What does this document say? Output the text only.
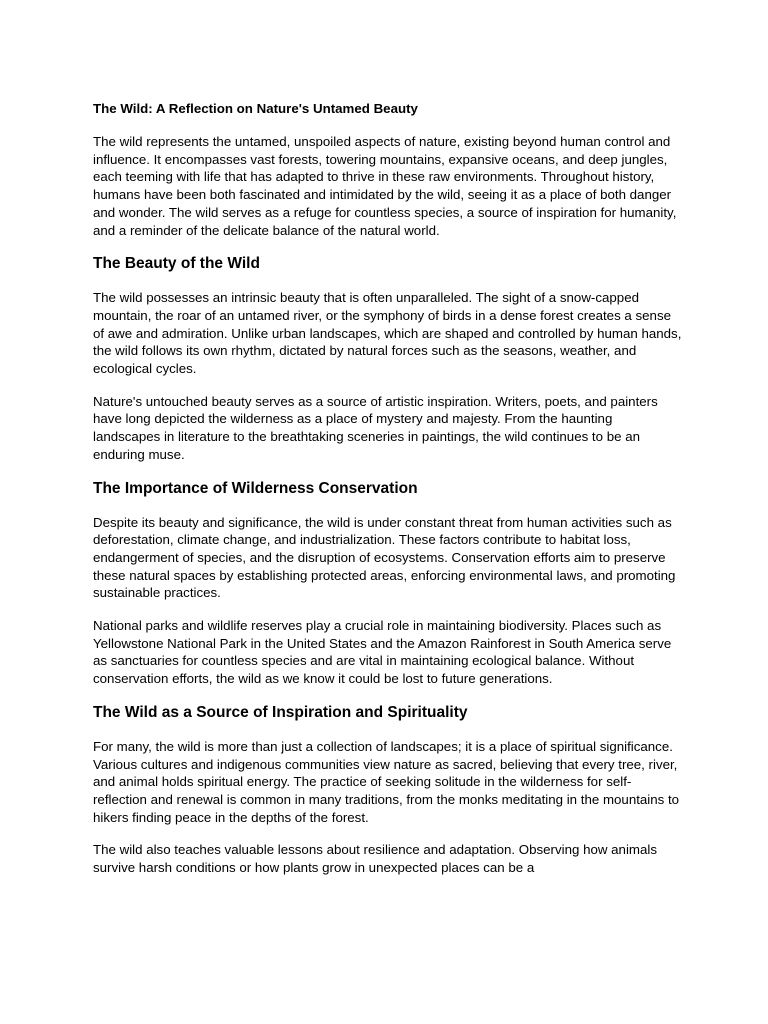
The Wild: A Reflection on Nature's Untamed Beauty

The wild represents the untamed, unspoiled aspects of nature, existing beyond human control and influence. It encompasses vast forests, towering mountains, expansive oceans, and deep jungles, each teeming with life that has adapted to thrive in these raw environments. Throughout history, humans have been both fascinated and intimidated by the wild, seeing it as a place of both danger and wonder. The wild serves as a refuge for countless species, a source of inspiration for humanity, and a reminder of the delicate balance of the natural world.

The Beauty of the Wild

The wild possesses an intrinsic beauty that is often unparalleled. The sight of a snow-capped mountain, the roar of an untamed river, or the symphony of birds in a dense forest creates a sense of awe and admiration. Unlike urban landscapes, which are shaped and controlled by human hands, the wild follows its own rhythm, dictated by natural forces such as the seasons, weather, and ecological cycles.

Nature's untouched beauty serves as a source of artistic inspiration. Writers, poets, and painters have long depicted the wilderness as a place of mystery and majesty. From the haunting landscapes in literature to the breathtaking sceneries in paintings, the wild continues to be an enduring muse.

The Importance of Wilderness Conservation

Despite its beauty and significance, the wild is under constant threat from human activities such as deforestation, climate change, and industrialization. These factors contribute to habitat loss, endangerment of species, and the disruption of ecosystems. Conservation efforts aim to preserve these natural spaces by establishing protected areas, enforcing environmental laws, and promoting sustainable practices.

National parks and wildlife reserves play a crucial role in maintaining biodiversity. Places such as Yellowstone National Park in the United States and the Amazon Rainforest in South America serve as sanctuaries for countless species and are vital in maintaining ecological balance. Without conservation efforts, the wild as we know it could be lost to future generations.

The Wild as a Source of Inspiration and Spirituality

For many, the wild is more than just a collection of landscapes; it is a place of spiritual significance. Various cultures and indigenous communities view nature as sacred, believing that every tree, river, and animal holds spiritual energy. The practice of seeking solitude in the wilderness for self-reflection and renewal is common in many traditions, from the monks meditating in the mountains to hikers finding peace in the depths of the forest.

The wild also teaches valuable lessons about resilience and adaptation. Observing how animals survive harsh conditions or how plants grow in unexpected places can be a
